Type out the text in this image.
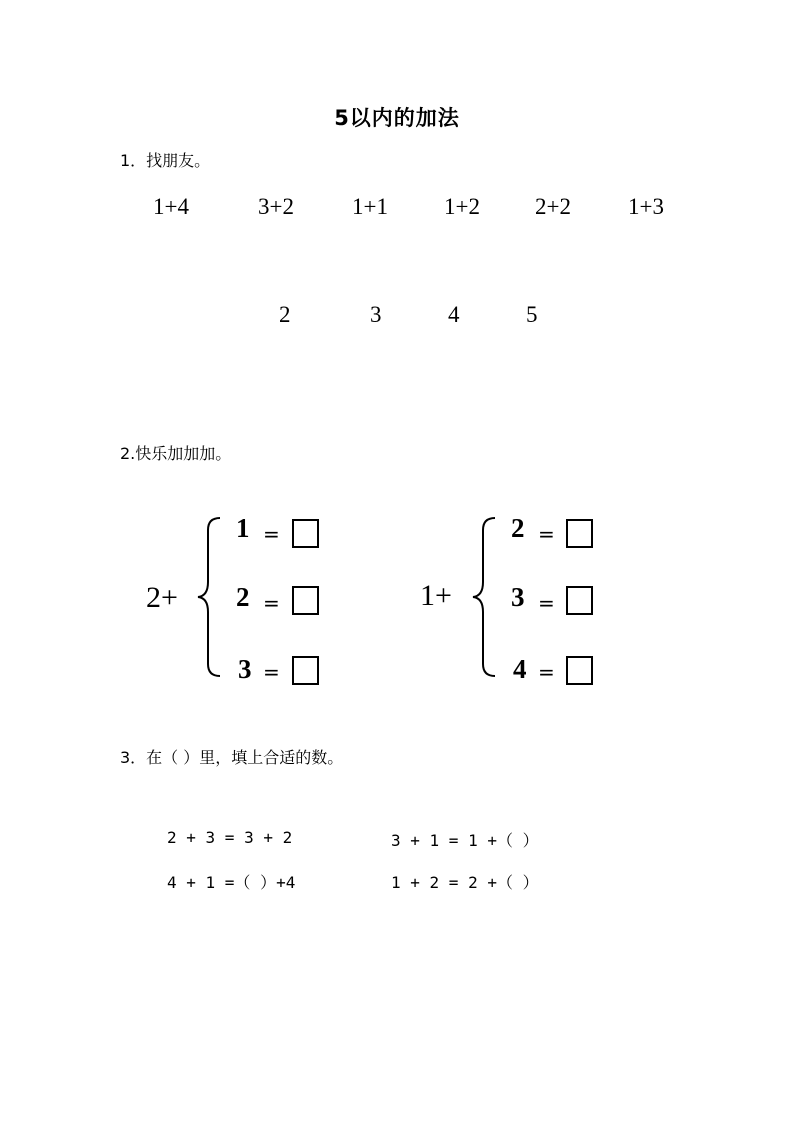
5以内的加法
1．找朋友。
1+4	3+2	1+1 1+2 2+2 1+3
2	3	4	5
2.快乐加加加。
2+
1 =
2 =
3 =
1+
2 =
3 =
4 =
3．在（ ）里，填上合适的数。
2 + 3 = 3 + 2	3 + 1 = 1 +（ ）
4 + 1 =（ ）+4	1 + 2 = 2 +（ ）
